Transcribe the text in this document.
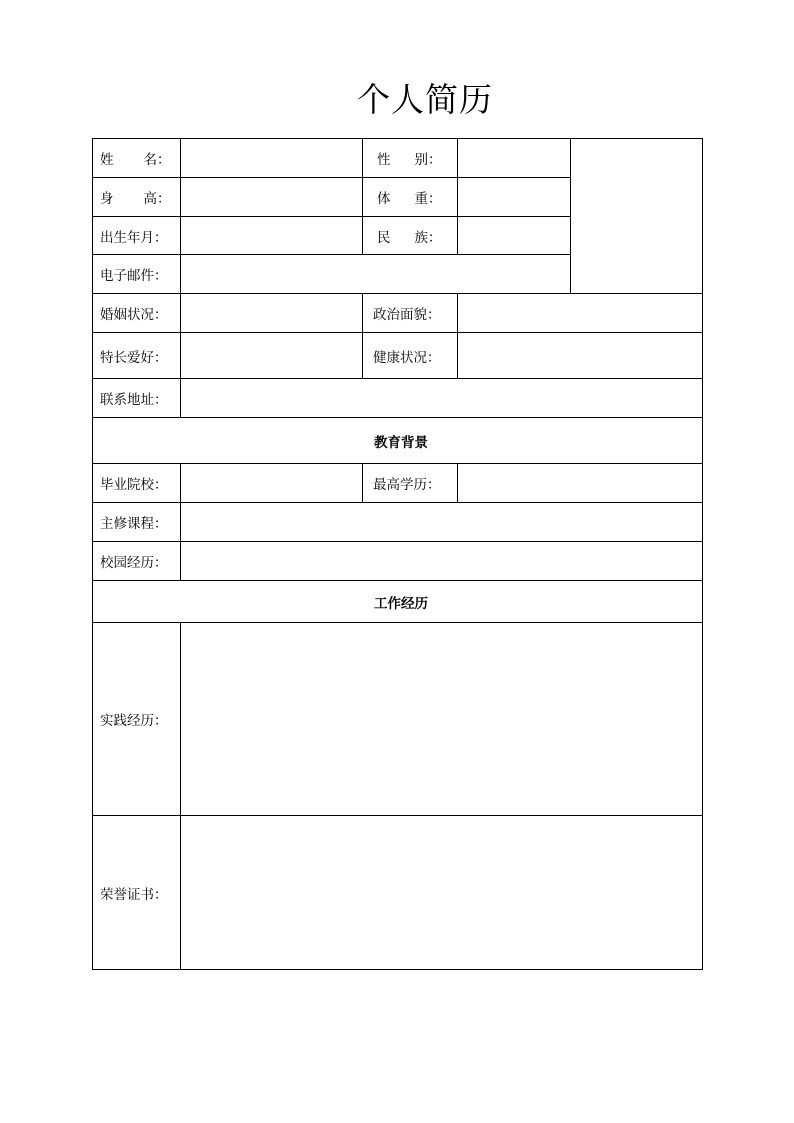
个人简历
姓 名：		性 别：		
身 高：		体 重：		
出生年月：		民 族：		
电子邮件：				
婚姻状况：		政治面貌：		
特长爱好：		健康状况：		
联系地址：				
教育背景				
毕业院校：		最高学历：		
主修课程：				
校园经历：				
工作经历				
实践经历：				
荣誉证书：				
